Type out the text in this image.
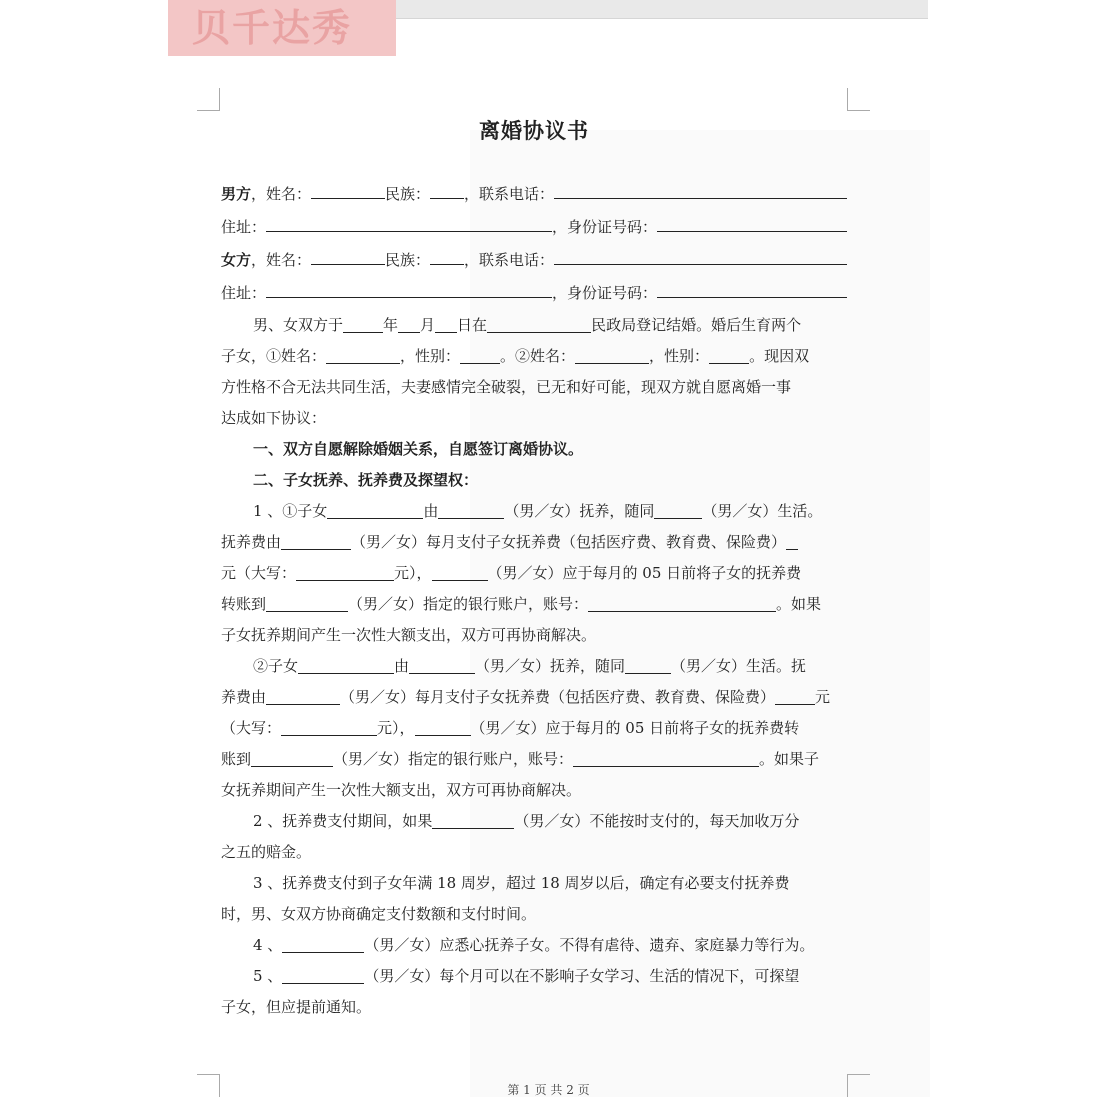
贝千达秀
离婚协议书
男方 ，姓名：	民族： ，联系电话：
住址：	，身份证号码：
女方 ，姓名：	民族： ，联系电话：
住址：	，身份证号码：
男、女双方于	年 月 日在	民政局登记结婚。婚后生育两个
子女，①姓名：	，性别：	。②姓名：	，性别：	。现因双
方性格不合无法共同生活，夫妻感情完全破裂，已无和好可能，现双方就自愿离婚一事
达成如下协议：
一、双方自愿解除婚姻关系，自愿签订离婚协议。
二、子女抚养、抚养费及探望权：
1 、①子女	由	（男／女）抚养，随同	（男／女）生活。
抚养费由	（男／女）每月支付子女抚养费（包括医疗费、教育费、保险费）
元（大写：	元），	（男／女）应于每月的 05 日前将子女的抚养费
转账到	（男／女）指定的银行账户，账号：	。如果
子女抚养期间产生一次性大额支出，双方可再协商解决。
②子女	由	（男／女）抚养，随同	（男／女）生活。抚
养费由	（男／女）每月支付子女抚养费（包括医疗费、教育费、保险费）	元
（大写：	元），	（男／女）应于每月的 05 日前将子女的抚养费转
账到	（男／女）指定的银行账户，账号：	。如果子
女抚养期间产生一次性大额支出，双方可再协商解决。
2 、抚养费支付期间，如果	（男／女）不能按时支付的，每天加收万分
之五的赔金。
3 、抚养费支付到子女年满 18 周岁，超过 18 周岁以后，确定有必要支付抚养费
时，男、女双方协商确定支付数额和支付时间。
4 、	（男／女）应悉心抚养子女。不得有虐待、遗弃、家庭暴力等行为。
5 、	（男／女）每个月可以在不影响子女学习、生活的情况下，可探望
子女，但应提前通知。
第 1 页 共 2 页
